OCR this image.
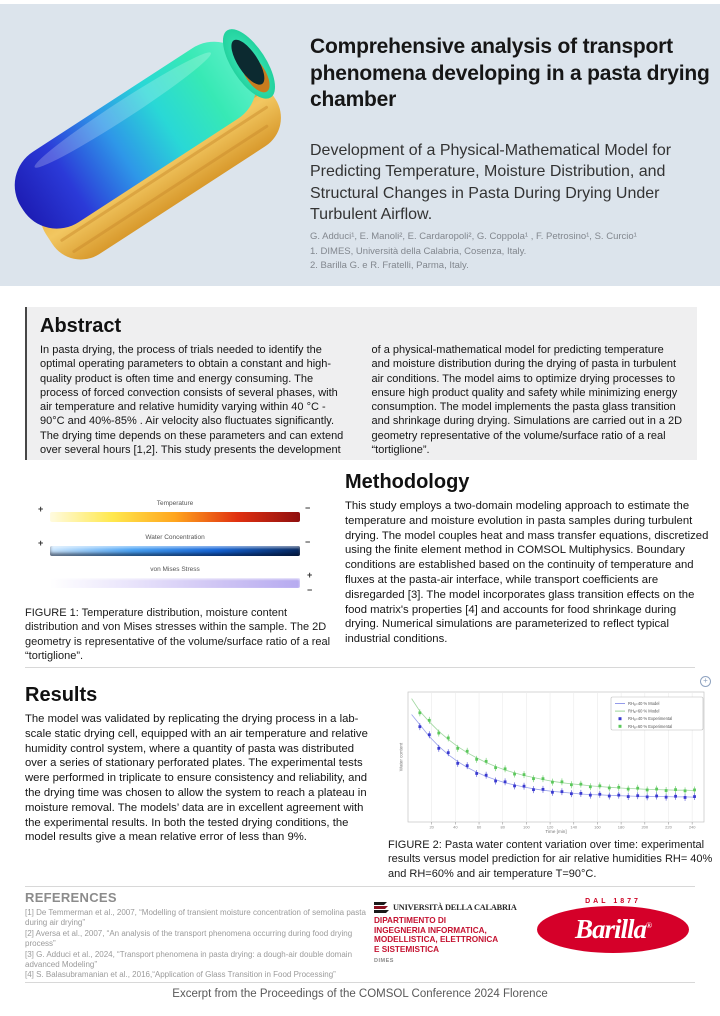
Comprehensive analysis of transport phenomena developing in a pasta drying chamber
Development of a Physical-Mathematical Model for Predicting Temperature, Moisture Distribution, and Structural Changes in Pasta During Drying Under Turbulent Airflow.
G. Adduci¹, E. Manoli², E. Cardaropoli², G. Coppola¹ , F. Petrosino¹, S. Curcio¹
1. DIMES, Università della Calabria, Cosenza, Italy.
2. Barilla G. e R. Fratelli, Parma, Italy.
Abstract
In pasta drying, the process of trials needed to identify the optimal operating parameters to obtain a constant and high-quality product is often time and energy consuming. The process of forced convection consists of several phases, with air temperature and relative humidity varying within 40 °C - 90°C and 40%-85% . Air velocity also fluctuates significantly. The drying time depends on these parameters and can extend over several hours [1,2]. This study presents the development of a physical-mathematical model for predicting temperature and moisture distribution during the drying of pasta in turbulent air conditions. The model aims to optimize drying processes to ensure high product quality and safety while minimizing energy consumption. The model implements the pasta glass transition and shrinkage during drying. Simulations are carried out in a 2D geometry representative of the volume/surface ratio of a real “tortiglione”.
Temperature
+	−
Water Concentration
+	−
von Mises Stress
+
−
FIGURE 1: Temperature distribution, moisture content distribution and von Mises stresses within the sample. The 2D geometry is representative of the volume/surface ratio of a real “tortiglione”.
Methodology
This study employs a two-domain modeling approach to estimate the temperature and moisture evolution in pasta samples during turbulent drying. The model couples heat and mass transfer equations, discretized using the finite element method in COMSOL Multiphysics. Boundary conditions are established based on the continuity of temperature and fluxes at the pasta-air interface, while transport coefficients are disregarded [3]. The model incorporates glass transition effects on the food matrix's properties [4] and accounts for food shrinkage during drying. Numerical simulations are parameterized to reflect typical industrial conditions.
Results
The model was validated by replicating the drying process in a lab-scale static drying cell, equipped with an air temperature and relative humidity control system, where a quantity of pasta was distributed over a series of stationary perforated plates. The experimental tests were performed in triplicate to ensure consistency and reliability, and the drying time was chosen to allow the system to reach a plateau in moisture removal. The models’ data are in excellent agreement with the experimental results. In both the tested drying conditions, the model results give a mean relative error of less than 9%.
+
20	40	60	80	100	120	140	160	180	200	220	240
Time [min]
Water content
RHₐ=40 % Model
RHₐ=60 % Model
RHₐ=40 % Experimental
RHₐ=60 % Experimental
FIGURE 2: Pasta water content variation over time: experimental results versus model prediction for air relative humidities RH= 40% and RH=60% and air temperature T=90°C.
REFERENCES
[1] De Temmerman et al., 2007, “Modelling of transient moisture concentration of semolina pasta during air drying”
[2] Aversa et al., 2007, “An analysis of the transport phenomena occurring during food drying process”
[3] G. Adduci et al., 2024, “Transport phenomena in pasta drying: a dough-air double domain advanced Modeling”
[4] S. Balasubramanian et al., 2016,“Application of Glass Transition in Food Processing”
UNIVERSITÀ DELLA CALABRIA
DIPARTIMENTO DI
INGEGNERIA INFORMATICA,
MODELLISTICA, ELETTRONICA
E SISTEMISTICA
DIMES
DAL 1877
Barilla®
Excerpt from the Proceedings of the COMSOL Conference 2024 Florence
